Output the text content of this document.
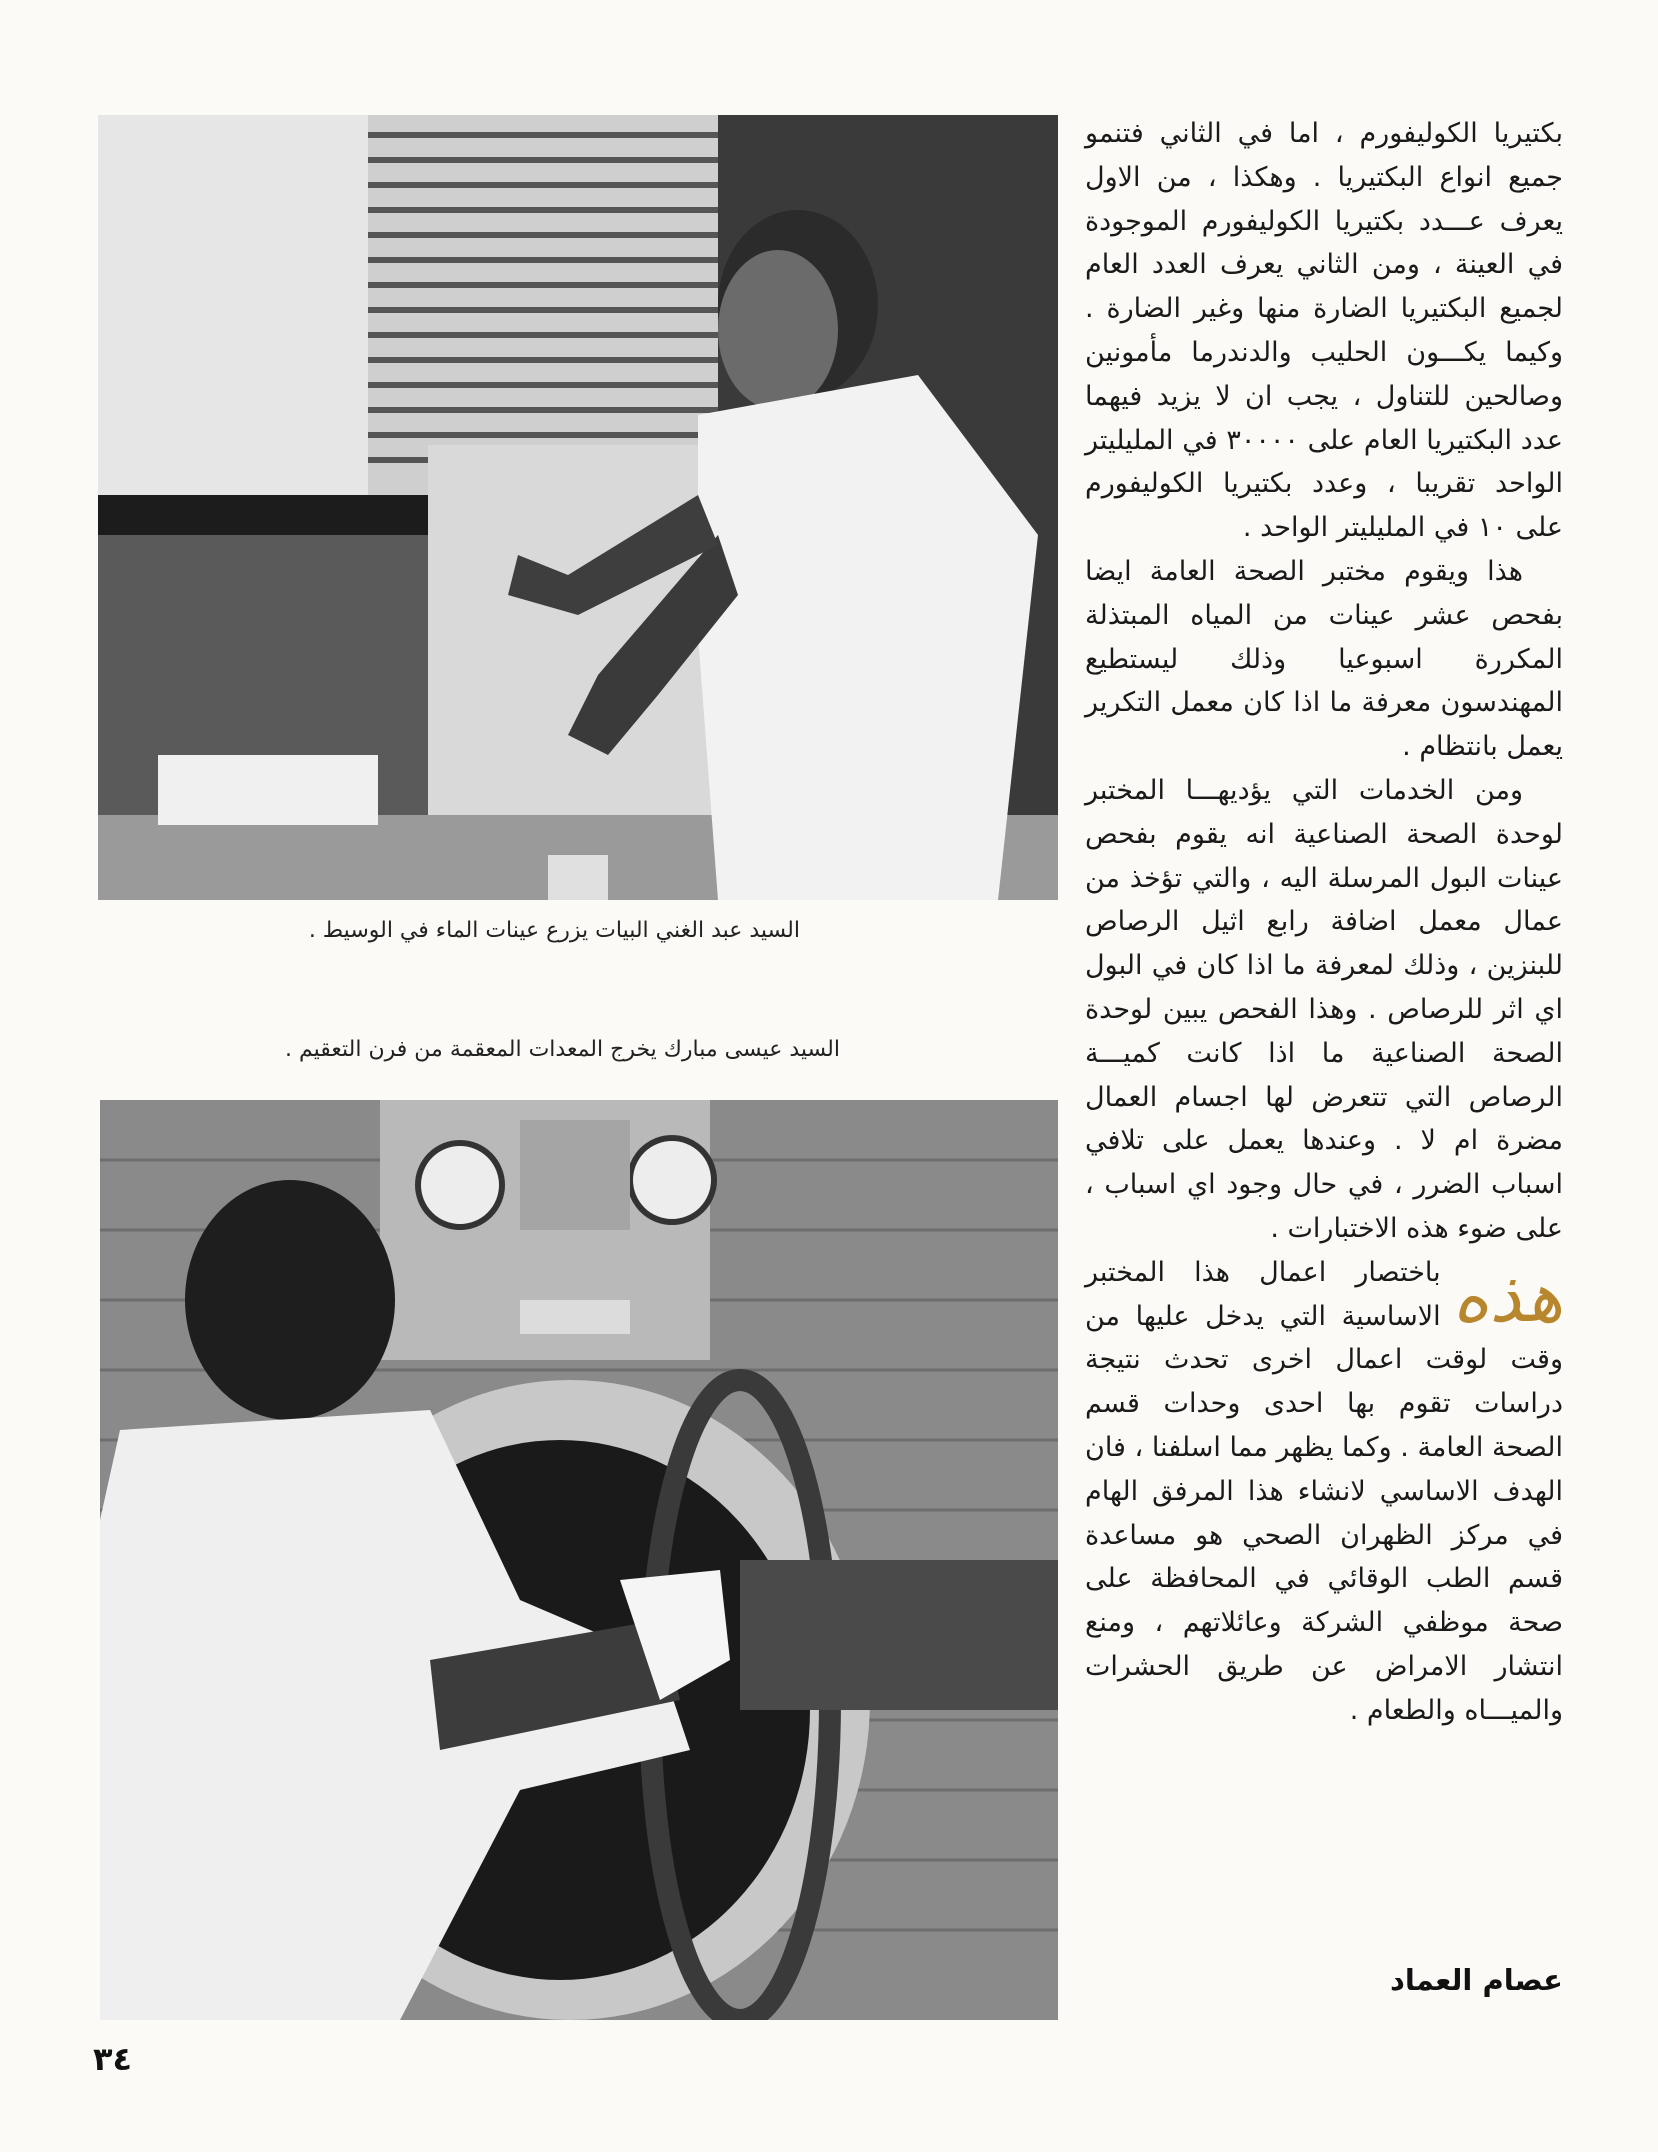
السيد عبد الغني البيات يزرع عينات الماء في الوسيط .
السيد عيسى مبارك يخرج المعدات المعقمة من فرن التعقيم .

بكتيريا الكوليفورم ، اما في الثاني فتنمو جميع انواع البكتيريا . وهكذا ، من الاول يعرف عـــدد بكتيريا الكوليفورم الموجودة في العينة ، ومن الثاني يعرف العدد العام لجميع البكتيريا الضارة منها وغير الضارة . وكيما يكـــون الحليب والدندرما مأمونين وصالحين للتناول ، يجب ان لا يزيد فيهما عدد البكتيريا العام على ٣٠٠٠٠ في المليليتر الواحد تقريبا ، وعدد بكتيريا الكوليفورم على ١٠ في المليليتر الواحد .

هذا ويقوم مختبر الصحة العامة ايضا بفحص عشر عينات من المياه المبتذلة المكررة اسبوعيا وذلك ليستطيع المهندسون معرفة ما اذا كان معمل التكرير يعمل بانتظام .

ومن الخدمات التي يؤديهـــا المختبر لوحدة الصحة الصناعية انه يقوم بفحص عينات البول المرسلة اليه ، والتي تؤخذ من عمال معمل اضافة رابع اثيل الرصاص للبنزين ، وذلك لمعرفة ما اذا كان في البول اي اثر للرصاص . وهذا الفحص يبين لوحدة الصحة الصناعية ما اذا كانت كميـــة الرصاص التي تتعرض لها اجسام العمال مضرة ام لا . وعندها يعمل على تلافي اسباب الضرر ، في حال وجود اي اسباب ، على ضوء هذه الاختبارات .

هذه

باختصار اعمال هذا المختبر الاساسية التي يدخل عليها من وقت لوقت اعمال اخرى تحدث نتيجة دراسات تقوم بها احدى وحدات قسم الصحة العامة . وكما يظهر مما اسلفنا ، فان الهدف الاساسي لانشاء هذا المرفق الهام في مركز الظهران الصحي هو مساعدة قسم الطب الوقائي في المحافظة على صحة موظفي الشركة وعائلاتهم ، ومنع انتشار الامراض عن طريق الحشرات والميـــاه والطعام .

عصام العماد
٣٤
